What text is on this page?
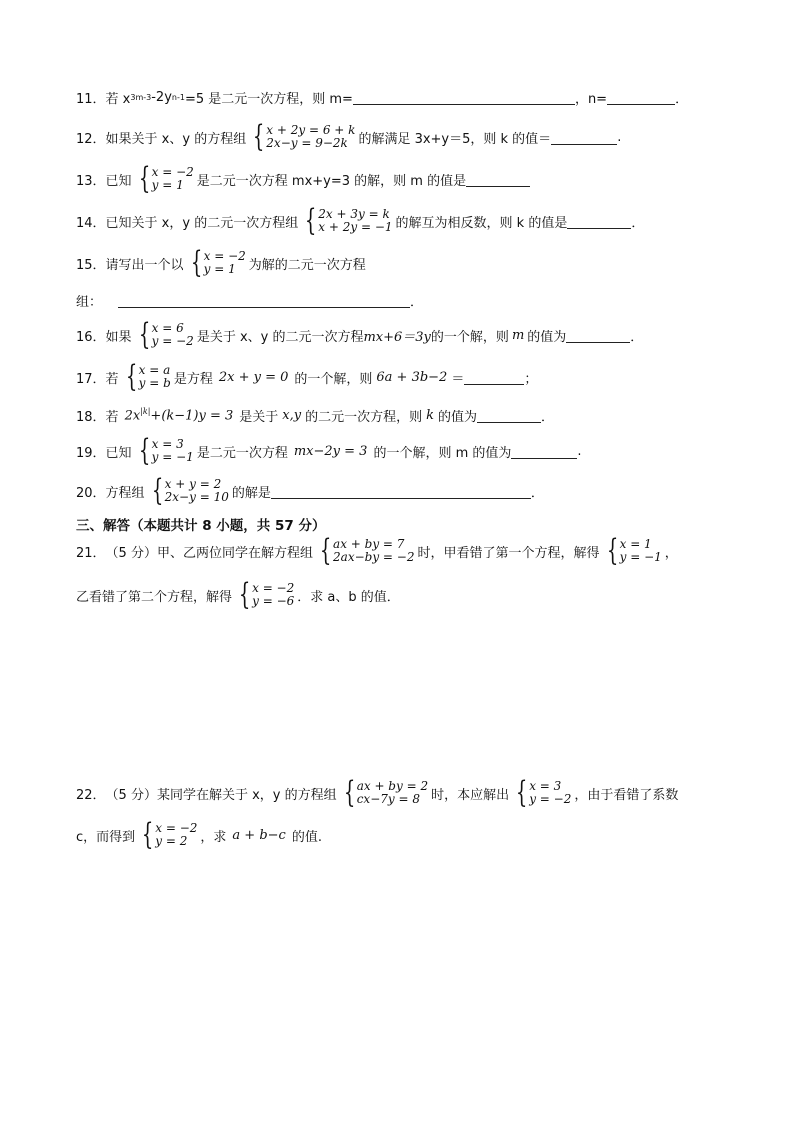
11． 若 x 3m-3 -2y n-1 =5 是二元一次方程，则 m=	，n=	．
12． 如果关于 x、y 的方程组 { x + 2y = 6 + k
2x−y = 9−2k 的解满足 3x+y＝5，则 k 的值＝	.
13． 已知 { x = −2
y = 1	是二元一次方程 mx+y=3 的解，则 m 的值是
14． 已知关于 x，y 的二元一次方程组 { 2x + 3y = k
x + 2y = −1 的解互为相反数，则 k 的值是	．
15． 请写出一个以 { x = −2
y = 1	为解的二元一次方程
组：	．
16． 如果 { x = 6
y = −2 是关于 x、y 的二元一次方程 mx+6＝3y 的一个解，则 m 的值为	．
17． 若 { x = a
y = b 是方程 2x + y = 0 的一个解，则 6a + 3b−2 ＝	；
18． 若 $2x^{|k|}+(k-1)y = 3$ 是关于 x,y 的二元一次方程，则 k 的值为	．
19． 已知 { x = 3
y = −1 是二元一次方程 mx−2y = 3 的一个解，则 m 的值为	.
20． 方程组 { x + y = 2
2x−y = 10 的解是	．
三、解答（本题共计 8 小题，共 57 分）
21． （5 分）甲、乙两位同学在解方程组 { ax + by = 7
2ax−by = −2 时，甲看错了第一个方程，解得 { x = 1
y = −1 ，
乙看错了第二个方程，解得 { x = −2
y = −6 ．求 a、b 的值．
22． （5 分）某同学在解关于 x，y 的方程组 { ax + by = 2
cx−7y = 8 时，本应解出 { x = 3
y = −2 ，由于看错了系数
c，而得到 { x = −2
y = 2	，求 a + b−c 的值.
